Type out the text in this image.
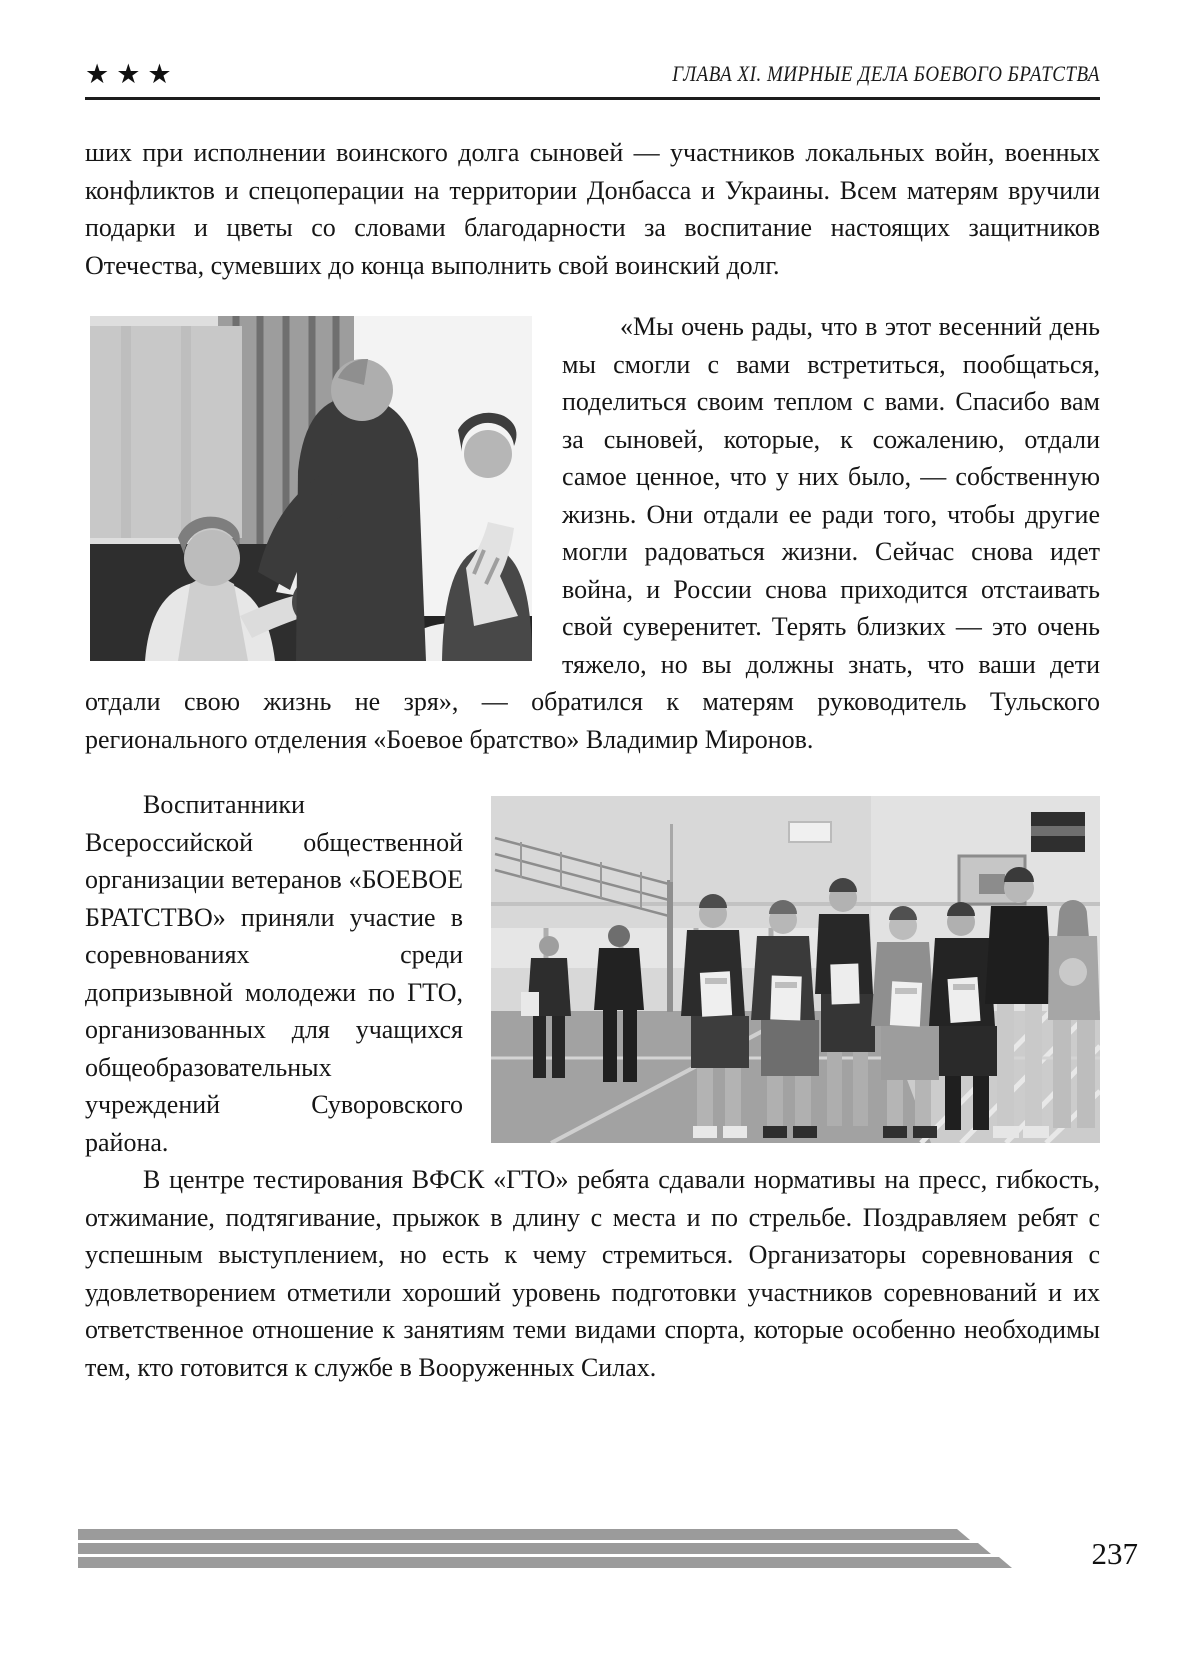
★★★	ГЛАВА XI. МИРНЫЕ ДЕЛА БОЕВОГО БРАТСТВА

ших при исполнении воинского долга сыновей — участников локальных войн, военных конфликтов и спецоперации на территории Донбасса и Украины. Всем матерям вручили подарки и цветы со словами благодарности за воспитание настоящих защитников Отечества, сумевших до конца выполнить свой воинский долг.

«Мы очень рады, что в этот весенний день мы смогли с вами встретиться, пообщаться, поделиться своим теплом с вами. Спасибо вам за сыновей, которые, к сожалению, отдали самое ценное, что у них было, — собственную жизнь. Они отдали ее ради того, чтобы другие могли радоваться жизни. Сейчас снова идет война, и России снова приходится отстаивать свой суверенитет. Терять близких — это очень тяжело, но вы должны знать, что ваши дети отдали свою жизнь не зря», — обратился к матерям руководитель Тульского регионального отделения «Боевое братство» Владимир Миронов.

Воспитанники Всероссийской общественной организации ветеранов «БОЕВОЕ БРАТСТВО» приняли участие в соревнованиях среди допризывной молодежи по ГТО, организованных для учащихся общеобразовательных учреждений Суворовского района.

В центре тестирования ВФСК «ГТО» ребята сдавали нормативы на пресс, гибкость, отжимание, подтягивание, прыжок в длину с места и по стрельбе. Поздравляем ребят с успешным выступлением, но есть к чему стремиться. Организаторы соревнования с удовлетворением отметили хороший уровень подготовки участников соревнований и их ответственное отношение к занятиям теми видами спорта, которые особенно необходимы тем, кто готовится к службе в Вооруженных Силах.

237
